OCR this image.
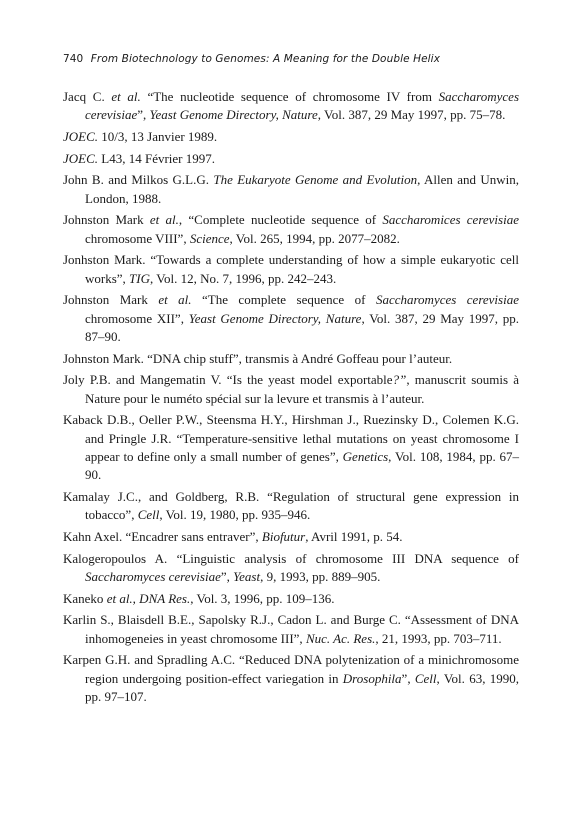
740 From Biotechnology to Genomes: A Meaning for the Double Helix

Jacq C. et al. “The nucleotide sequence of chromosome IV from Saccharomyces cerevisiae”, Yeast Genome Directory, Nature, Vol. 387, 29 May 1997, pp. 75–78.

JOEC. 10/3, 13 Janvier 1989.

JOEC. L43, 14 Février 1997.

John B. and Milkos G.L.G. The Eukaryote Genome and Evolution, Allen and Unwin, London, 1988.

Johnston Mark et al., “Complete nucleotide sequence of Saccharomices cerevisiae chromosome VIII”, Science, Vol. 265, 1994, pp. 2077–2082.

Jonhston Mark. “Towards a complete understanding of how a simple eukaryotic cell works”, TIG, Vol. 12, No. 7, 1996, pp. 242–243.

Johnston Mark et al. “The complete sequence of Saccharomyces cerevisiae chromosome XII”, Yeast Genome Directory, Nature, Vol. 387, 29 May 1997, pp. 87–90.

Johnston Mark. “DNA chip stuff”, transmis à André Goffeau pour l’auteur.

Joly P.B. and Mangematin V. “Is the yeast model exportable?”, manuscrit soumis à Nature pour le numéto spécial sur la levure et transmis à l’auteur.

Kaback D.B., Oeller P.W., Steensma H.Y., Hirshman J., Ruezinsky D., Colemen K.G. and Pringle J.R. “Temperature-sensitive lethal mutations on yeast chromosome I appear to define only a small number of genes”, Genetics, Vol. 108, 1984, pp. 67–90.

Kamalay J.C., and Goldberg, R.B. “Regulation of structural gene expression in tobacco”, Cell, Vol. 19, 1980, pp. 935–946.

Kahn Axel. “Encadrer sans entraver”, Biofutur, Avril 1991, p. 54.

Kalogeropoulos A. “Linguistic analysis of chromosome III DNA sequence of Saccharomyces cerevisiae”, Yeast, 9, 1993, pp. 889–905.

Kaneko et al., DNA Res., Vol. 3, 1996, pp. 109–136.

Karlin S., Blaisdell B.E., Sapolsky R.J., Cadon L. and Burge C. “Assessment of DNA inhomogeneies in yeast chromosome III”, Nuc. Ac. Res., 21, 1993, pp. 703–711.

Karpen G.H. and Spradling A.C. “Reduced DNA polytenization of a minichromosome region undergoing position-effect variegation in Drosophila”, Cell, Vol. 63, 1990, pp. 97–107.
